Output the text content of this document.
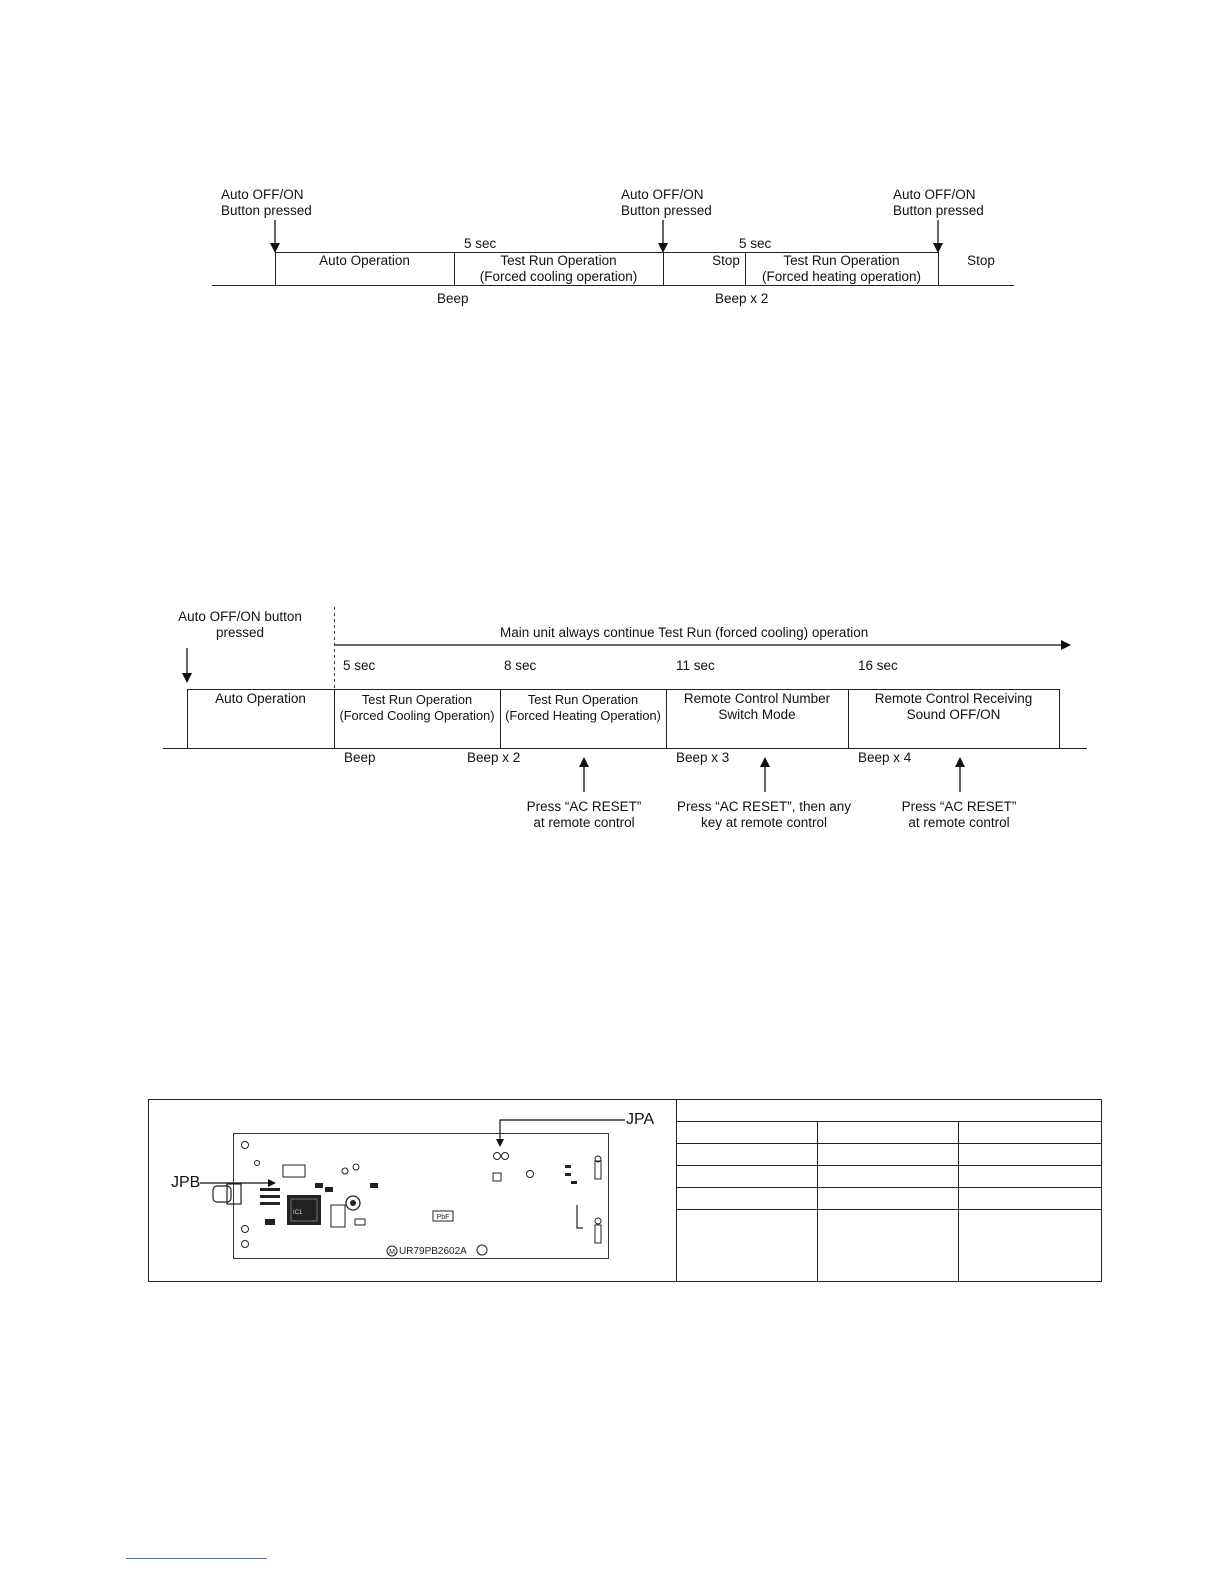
Auto OFF/ON
Button pressed
Auto OFF/ON
Button pressed
Auto OFF/ON
Button pressed
5 sec	5 sec
Auto Operation	Test Run Operation
(Forced cooling operation)
Stop	Test Run Operation
(Forced heating operation)
Stop
Beep	Beep x 2
Auto OFF/ON button
pressed	Main unit always continue Test Run (forced cooling) operation
5 sec	8 sec	11 sec	16 sec
Auto Operation	Test Run Operation
(Forced Cooling Operation)
Test Run Operation
(Forced Heating Operation)
Remote Control Number
Switch Mode
Remote Control Receiving
Sound OFF/ON
Beep	Beep x 2	Beep x 3	Beep x 4
Press “AC RESET”
at remote control
Press “AC RESET”, then any
key at remote control
Press “AC RESET”
at remote control
JPA
JPB
PbF
M UR79PB2602A
IC1
